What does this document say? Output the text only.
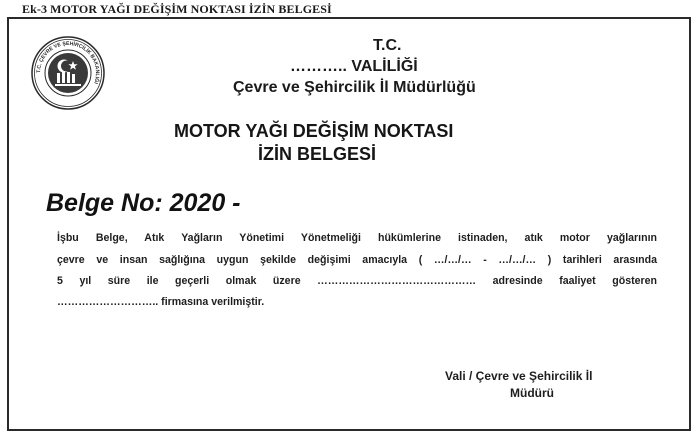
Ek-3 MOTOR YAĞI DEĞİŞİM NOKTASI İZİN BELGESİ
T.C. ÇEVRE VE ŞEHİRCİLİK BAKANLIĞI
T.C.
……….. VALİLİĞİ
Çevre ve Şehircilik İl Müdürlüğü
MOTOR YAĞI DEĞİŞİM NOKTASI
İZİN BELGESİ
Belge No: 2020 -
İşbu Belge, Atık Yağların Yönetimi Yönetmeliği hükümlerine istinaden, atık motor yağlarının
çevre ve insan sağlığına uygun şekilde değişimi amacıyla ( …/…/… - …/…/… ) tarihleri arasında
5 yıl süre ile geçerli olmak üzere ……………………………………… adresinde faaliyet gösteren
……………………….. firmasına verilmiştir.
Vali / Çevre ve Şehircilik İl
Müdürü
